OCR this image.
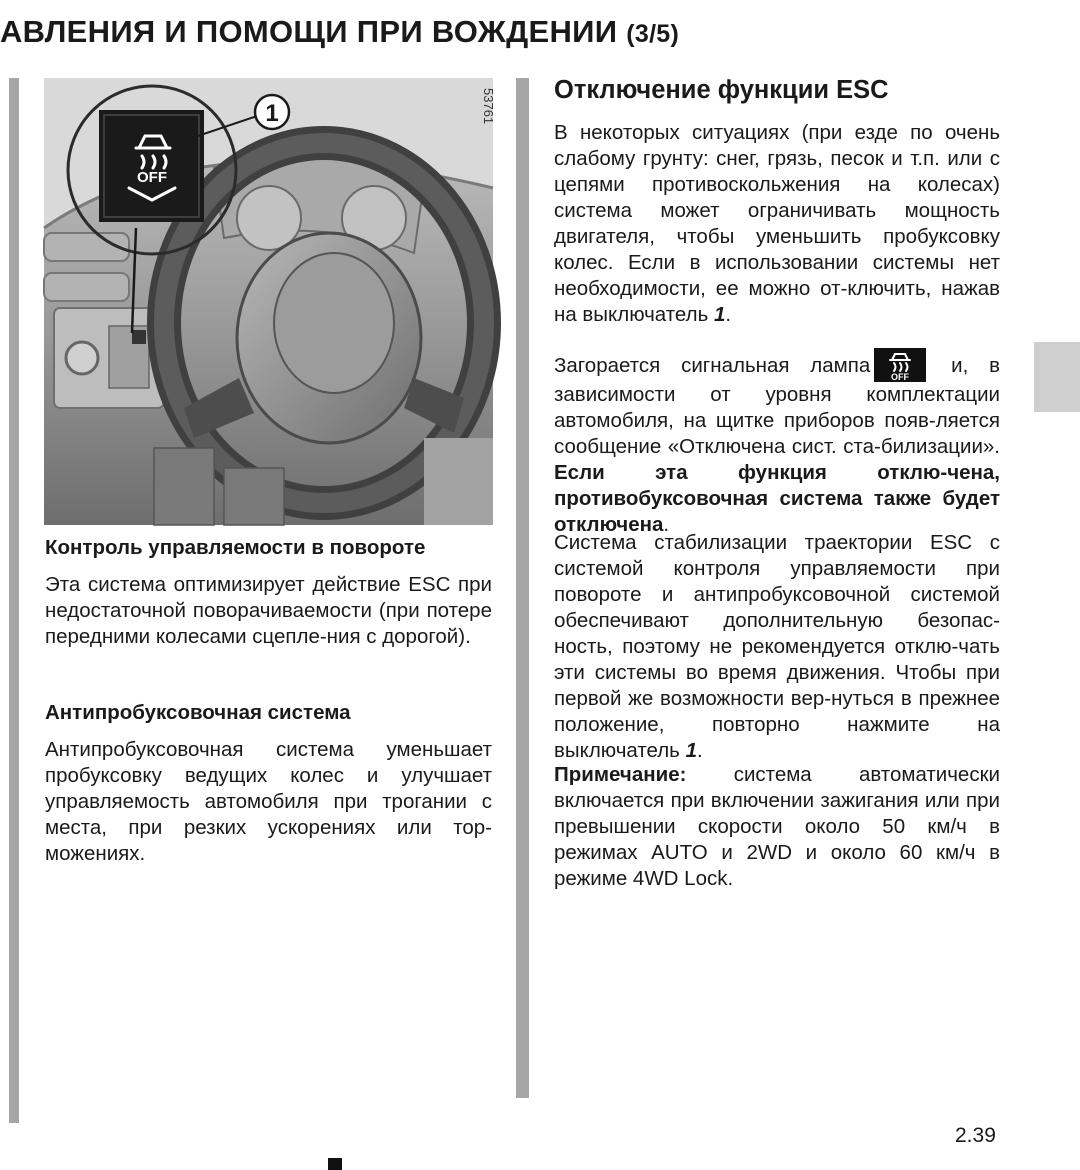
АВЛЕНИЯ И ПОМОЩИ ПРИ ВОЖДЕНИИ (3/5)
OFF
1	53761
Контроль управляемости в повороте

Эта система оптимизирует действие ESC при недостаточной поворачиваемости (при потере передними колесами сцепле-ния с дорогой).

Антипробуксовочная система

Антипробуксовочная система уменьшает пробуксовку ведущих колес и улучшает управляемость автомобиля при трогании с места, при резких ускорениях или тор-можениях.

Отключение функции ESC

В некоторых ситуациях (при езде по очень слабому грунту: снег, грязь, песок и т.п. или с цепями противоскольжения на колесах) система может ограничивать мощность двигателя, чтобы уменьшить пробуксовку колес. Если в использовании системы нет необходимости, ее можно от-ключить, нажав на выключатель 1.

Загорается сигнальная лампа OFF и, в зависимости от уровня комплектации автомобиля, на щитке приборов появ-ляется сообщение «Отключена сист. ста-билизации». Если эта функция отклю-чена, противобуксовочная система также будет отключена.

Система стабилизации траектории ESC с системой контроля управляемости при повороте и антипробуксовочной системой обеспечивают дополнительную безопас-ность, поэтому не рекомендуется отклю-чать эти системы во время движения. Чтобы при первой же возможности вер-нуться в прежнее положение, повторно нажмите на выключатель 1.

Примечание: система автоматически включается при включении зажигания или при превышении скорости около 50 км/ч в режимах AUTO и 2WD и около 60 км/ч в режиме 4WD Lock.

2.39
